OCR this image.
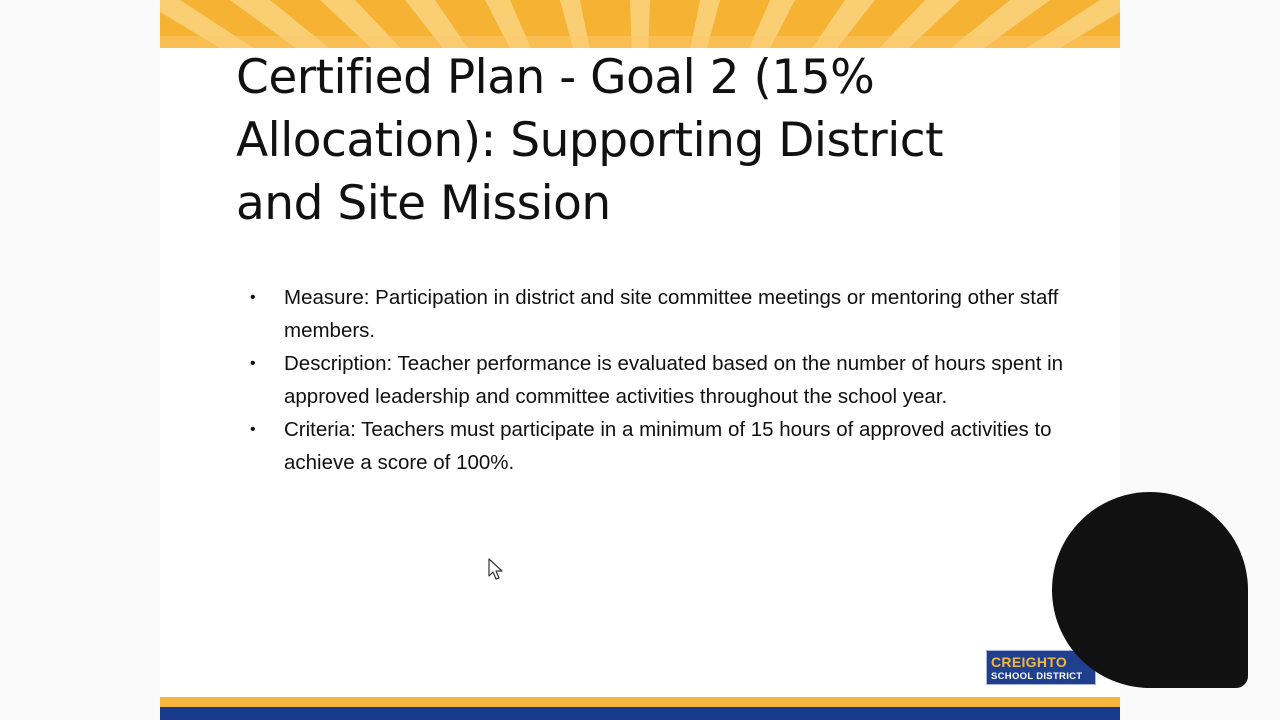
Certified Plan - Goal 2 (15% Allocation): Supporting District and Site Mission
•	Measure: Participation in district and site committee meetings or mentoring other staff members.
•	Description: Teacher performance is evaluated based on the number of hours spent in approved leadership and committee activities throughout the school year.
•	Criteria: Teachers must participate in a minimum of 15 hours of approved activities to achieve a score of 100%.
CREIGHTO
SCHOOL DISTRICT
